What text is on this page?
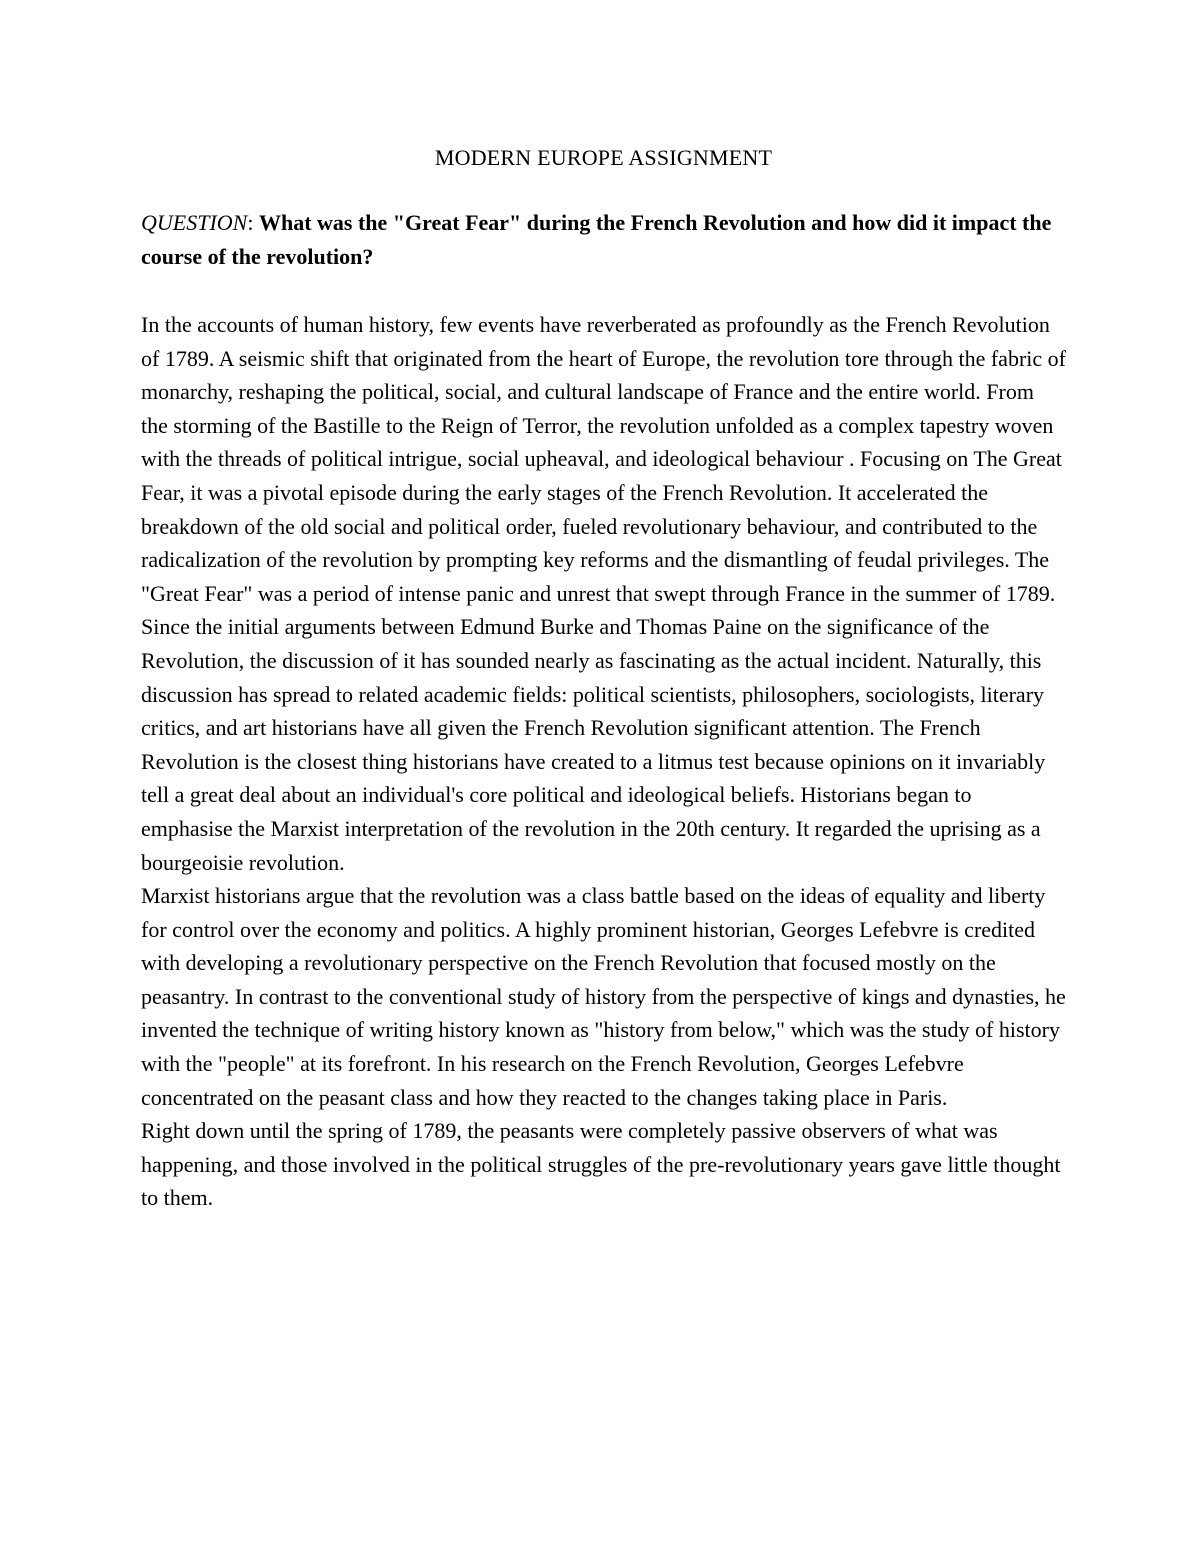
MODERN EUROPE ASSIGNMENT

QUESTION: What was the "Great Fear" during the French Revolution and how did it impact the course of the revolution?

In the accounts of human history, few events have reverberated as profoundly as the French Revolution of 1789. A seismic shift that originated from the heart of Europe, the revolution tore through the fabric of monarchy, reshaping the political, social, and cultural landscape of France and the entire world. From the storming of the Bastille to the Reign of Terror, the revolution unfolded as a complex tapestry woven with the threads of political intrigue, social upheaval, and ideological behaviour . Focusing on The Great Fear, it was a pivotal episode during the early stages of the French Revolution. It accelerated the breakdown of the old social and political order, fueled revolutionary behaviour, and contributed to the radicalization of the revolution by prompting key reforms and the dismantling of feudal privileges. The "Great Fear" was a period of intense panic and unrest that swept through France in the summer of 1789.

Since the initial arguments between Edmund Burke and Thomas Paine on the significance of the Revolution, the discussion of it has sounded nearly as fascinating as the actual incident. Naturally, this discussion has spread to related academic fields: political scientists, philosophers, sociologists, literary critics, and art historians have all given the French Revolution significant attention. The French Revolution is the closest thing historians have created to a litmus test because opinions on it invariably tell a great deal about an individual's core political and ideological beliefs. Historians began to emphasise the Marxist interpretation of the revolution in the 20th century. It regarded the uprising as a bourgeoisie revolution.

Marxist historians argue that the revolution was a class battle based on the ideas of equality and liberty for control over the economy and politics. A highly prominent historian, Georges Lefebvre is credited with developing a revolutionary perspective on the French Revolution that focused mostly on the peasantry. In contrast to the conventional study of history from the perspective of kings and dynasties, he invented the technique of writing history known as "history from below," which was the study of history with the "people" at its forefront. In his research on the French Revolution, Georges Lefebvre concentrated on the peasant class and how they reacted to the changes taking place in Paris.

Right down until the spring of 1789, the peasants were completely passive observers of what was happening, and those involved in the political struggles of the pre-revolutionary years gave little thought to them.
